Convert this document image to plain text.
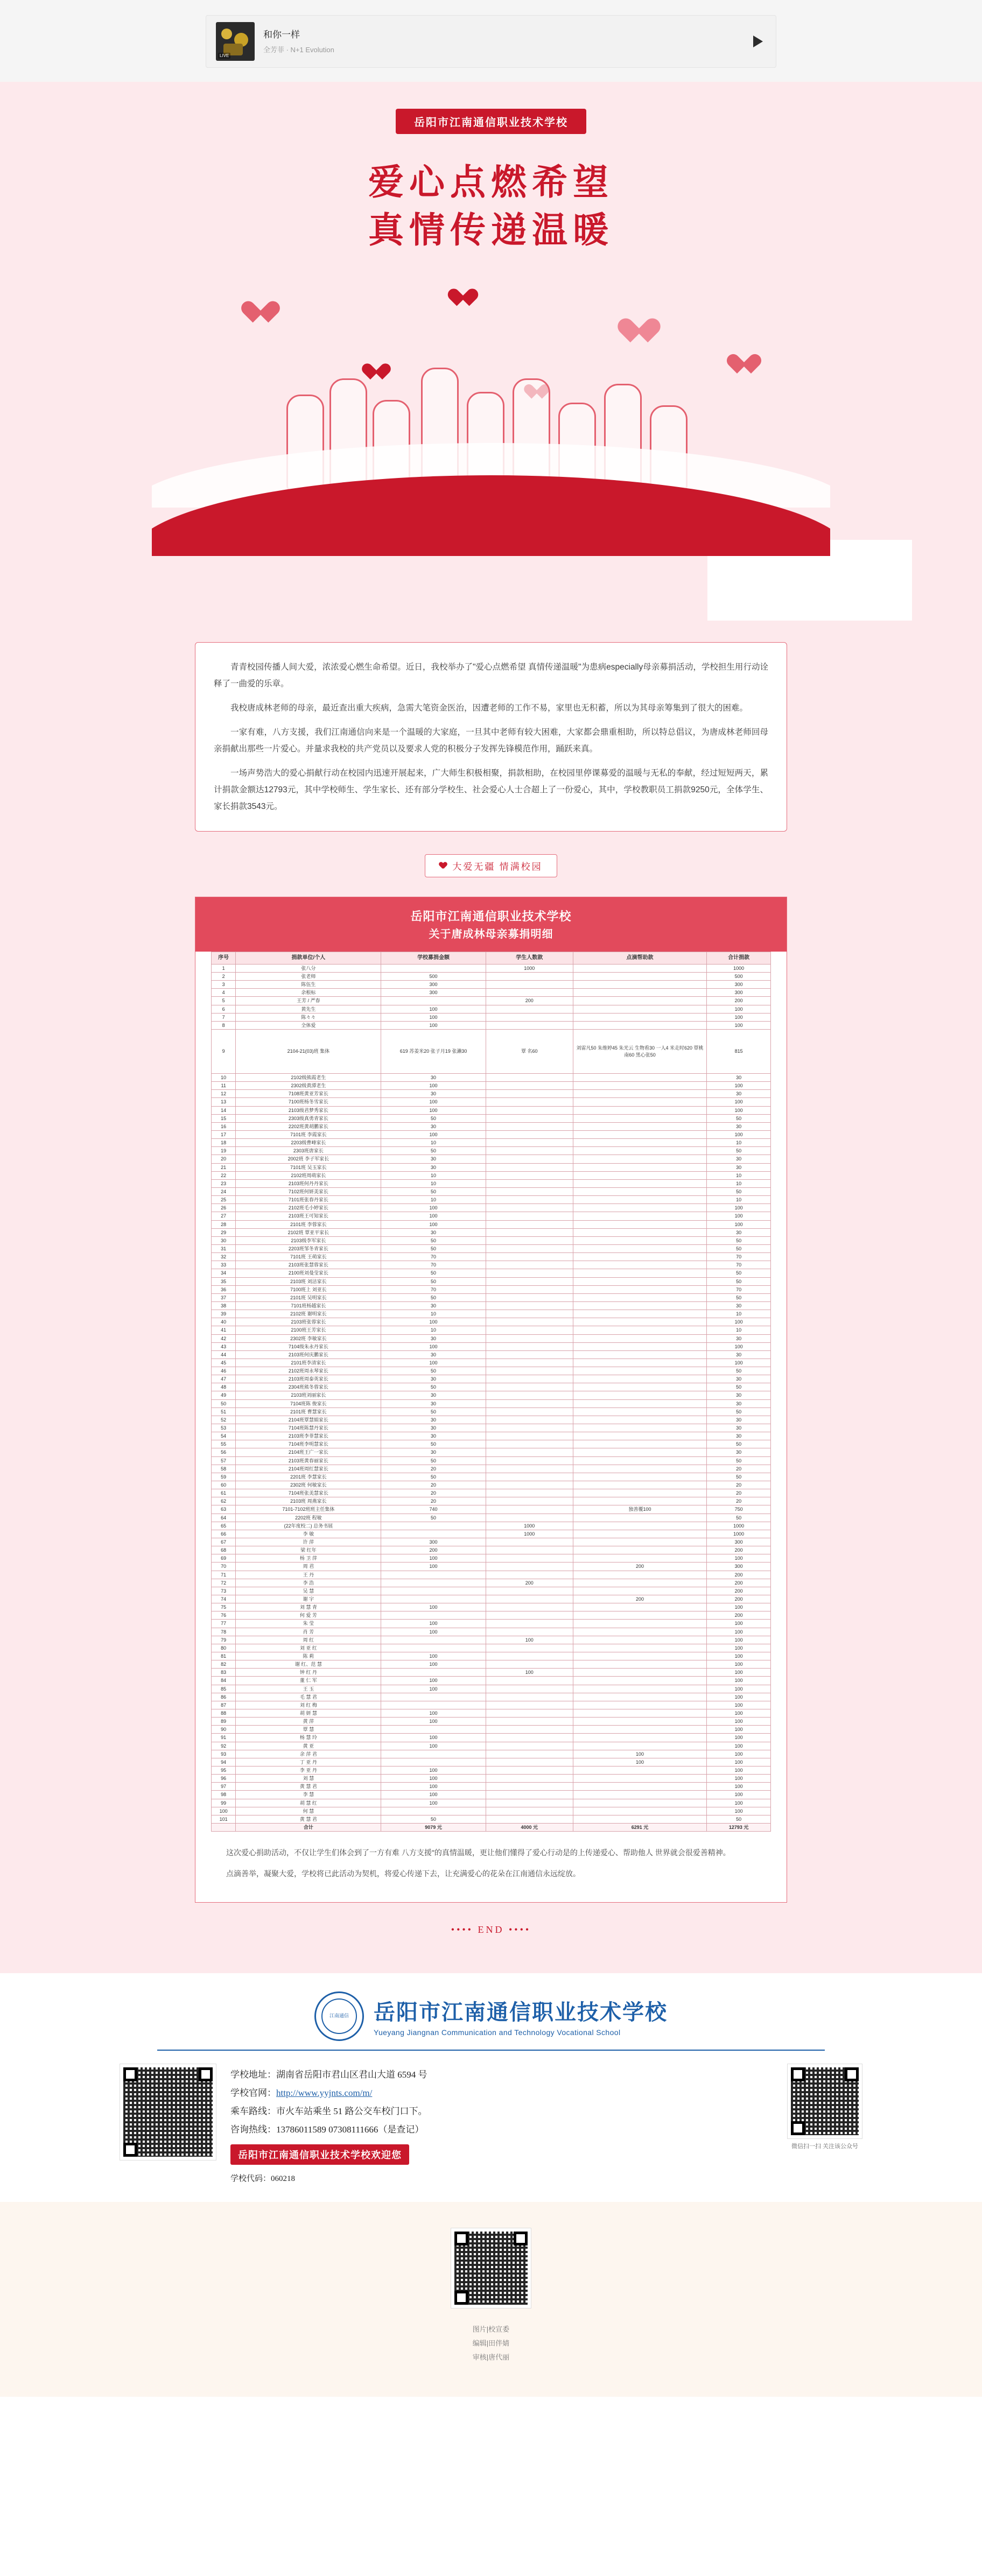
LIVE
和你一样
全芳菲 · N+1 Evolution
岳阳市江南通信职业技术学校
爱心点燃希望
真情传递温暖

青青校园传播人间大爱，浓浓爱心燃生命希望。近日，我校举办了"爱心点燃希望 真情传递温暖"为患病especially母亲募捐活动，学校担生用行动诠释了一曲爱的乐章。

我校唐成林老师的母亲，最近查出重大疾病，急需大笔资金医治，因遭老师的工作不易，家里也无积蓄，所以为其母亲筹集到了很大的困难。

一家有难，八方支援，我们江南通信向来是一个温暖的大家庭，一旦其中老师有较大困难，大家都会鼎重相助，所以特总倡议，为唐成林老师回母亲捐献出那些一片爱心。并量求我校的共产党员以及要求人党的积极分子发挥先锋模范作用，踊跃来真。

一场声势浩大的爱心捐献行动在校园内迅速开展起来，广大师生积极相聚，捐款相助，在校园里停课募爱的温暖与无私的奉献，经过短短两天，累计捐款金额达12793元，其中学校师生、学生家长、还有部分学校生、社会爱心人士合超上了一份爱心，其中，学校教职员工捐款9250元，全体学生、家长捐款3543元。

大爱无疆 情满校园
岳阳市江南通信职业技术学校
关于唐成林母亲募捐明细
序号	捐款单位/个人	学校募捐金额	学生人数款	点滴帮助款	合计捐款
1	张八分		1000		1000
2	张老师	500			500
3	陈伍生	300			300
4	余根标	300			300
5	王芳 / 严春		200		200
6	黄先生	100			100
7	陈々々	100			100
8	全体爱	100			100
9	2104-21(03)班 集体	619 苏姜米20 张子月19 张濑30	覃 名60	刘雷凡50 朱维婷45 朱光云 生物看30 一人4 米走时620 覃桃南60 黑心张50	815
10	2102级熊霞老生	30			30
11	2302级黄潭老生	100			100
12	7108班黄亚芳家长	30			30
13	7100班杨冬雪家长	100			100
14	2103级君梦秀家长	100			100
15	2303级真勇青家长	50			50
16	2202班黄胡鹏家长	30			30
17	7101班 李霞家长	100			100
18	2203级曹峰家长	10			10
19	2303班唐家长	50			50
20	2002班 李子军家长	30			30
21	7101班 吴玉家长	30			30
22	2102班周萌家长	10			10
23	2103班何丹丹家长	10			10
24	7102班何妍美家长	50			50
25	7101班张春丹家长	10			10
26	2102班毛小婷家长	100			100
27	2103班王可知家长	100			100
28	2101班 李蓉家长	100			100
29	2102班 覃亚平家长	30			30
30	2103级李军家长	50			50
31	2203班邹冬青家长	50			50
32	7101班 王萌家长	70			70
33	2103班张慧蓉家长	70			70
34	2100班刘曼莹家长	50			50
35	2103班 刘洁家长	50			50
36	7100班上 刘亚长	70			70
37	2101班 吴明家长	50			50
38	7101班杨越家长	30			30
39	2102班 谢明家长	10			10
40	2103班张蓉家长	100			100
41	2100班王芳家长	10			10
42	2302班 李敏家长	30			30
43	7104级朱永丹家长	100			100
44	2103班何庆鹏家长	30			30
45	2101班李清家长	100			100
46	2102班周永琴家长	50			50
47	2103班周泰英家长	30			30
48	2304班熊冬蓉家长	50			50
49	2103班刘丽家长	30			30
50	7104班陈 俊家长	30			30
51	2101班 曹慧家长	50			50
52	2104班覃慧娟家长	30			30
53	7104班陈慧丹家长	30			30
54	2103班李菲慧家长	30			30
55	7104班李明慧家长	50			50
56	2104班王广一家长	30			30
57	2103班黄春丽家长	50			50
58	2104班周红慧家长	20			20
59	2201班 李慧家长	50			50
60	2302班 何敏家长	20			20
61	7104班张美慧家长	20			20
62	2103班 周燕家长	20			20
63	7101-7102班班主任集体	740		独善覆100	750
64	2202班 程敏	50			50
65	(22年度校二) 总务书展		1000		1000
66	李 敏		1000		1000
67	许 萍	300			300
68	梁 红年	200			200
69	杨 卫 萍	100			100
70	周 君	100		200	300
71	王 丹				200
72	李 浩		200		200
73	吴 慧				200
74	谢 宇			200	200
75	刘 慧 青	100			100
76	何 爱 芳				200
77	朱 莹	100			100
78	肖 芳	100			100
79	周 红		100		100
80	刘 亚 红				100
81	陈 莉	100			100
82	谢 红、范 慧	100			100
83	钟 红 丹		100		100
84	董 仁 军	100			100
85	王 玉	100			100
86	毛 慧 君				100
87	刘 红 梅				100
88	胡 妍 慧	100			100
89	黄 萍	100			100
90	覃 慧				100
91	杨 慧 玲	100			100
92	黄 亚	100			100
93	余 萍 君			100	100
94	丁 亚 丹			100	100
95	李 亚 丹	100			100
96	刘 慧	100			100
97	黄 慧 君	100			100
98	李 慧	100			100
99	胡 慧 红	100			100
100	何 慧				100
101	黄 慧 君	50			50
	合计	9079 元	4000 元	6291 元	12793 元

这次爱心捐助活动，不仅让学生们体会到了一方有难 八方支援"的真情温暖，更让他们懂得了爱心行动是的上传递爱心、帮助他人 世界就会很爱善精神。

点滴善举，凝聚大爱，学校将已此活动为契机，将爱心传递下去，让充满爱心的花朵在江南通信永远绽放。

•••• END ••••
江南通信	岳阳市江南通信职业技术学校
Yueyang Jiangnan Communication and Technology Vocational School
学校地址：湖南省岳阳市君山区君山大道 6594 号
学校官网：http://www.yyjnts.com/m/
乘车路线：市火车站乘坐 51 路公交车校门口下。
咨询热线：13786011589 07308111666（是查记）
岳阳市江南通信职业技术学校欢迎您
学校代码：060218
微信扫一扫 关注该公众号
图片|校宣委
编辑|田伴婧
审核|唐代丽
